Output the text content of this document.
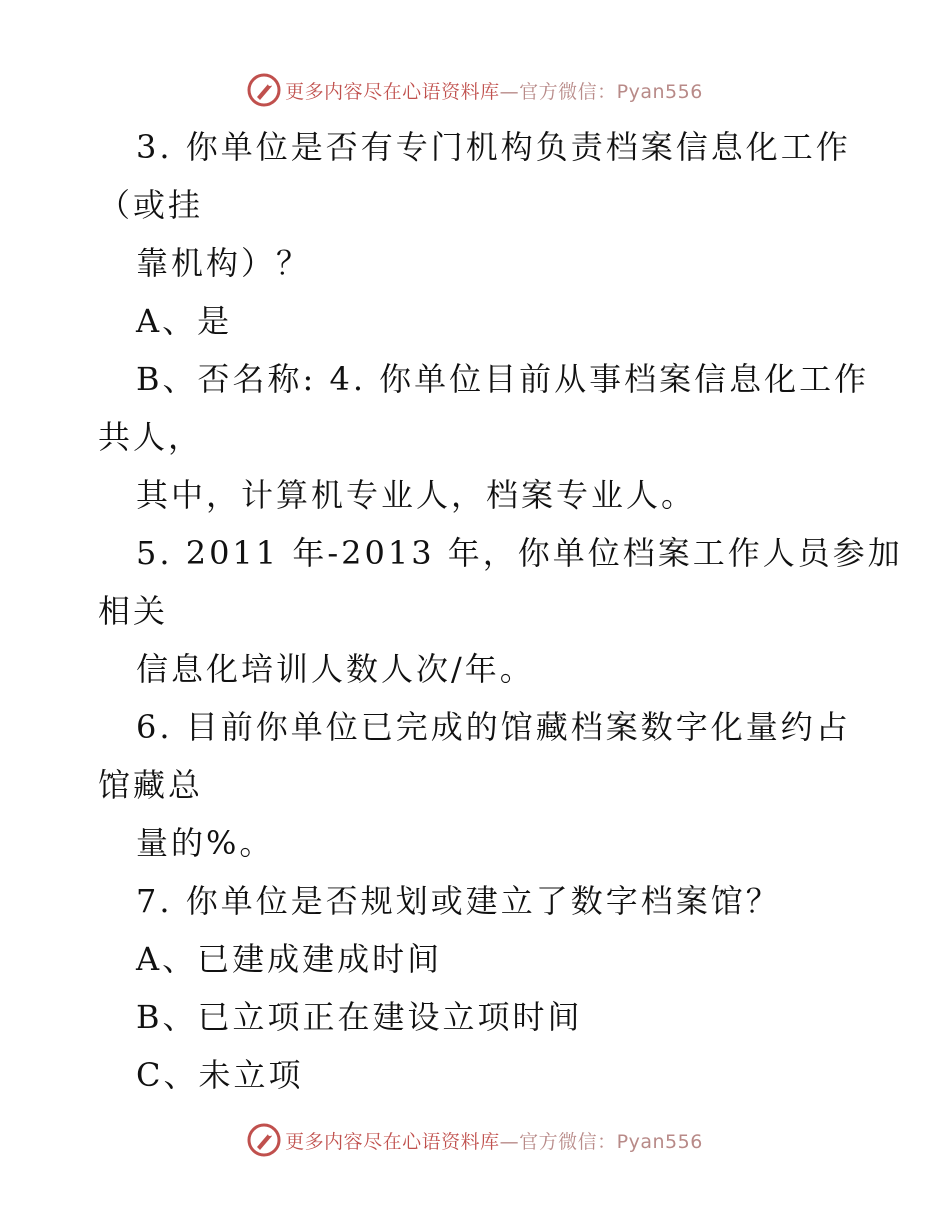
更多内容尽在心语资料库—官方微信：Pyan556
3. 你单位是否有专门机构负责档案信息化工作
（或挂
靠机构）？
A、是
B、否名称: 4. 你单位目前从事档案信息化工作
共人，
其中，计算机专业人，档案专业人。
5. 2011 年-2013 年，你单位档案工作人员参加
相关
信息化培训人数人次/年。
6. 目前你单位已完成的馆藏档案数字化量约占
馆藏总
量的%。
7. 你单位是否规划或建立了数字档案馆？
A、已建成建成时间
B、已立项正在建设立项时间
C、未立项
更多内容尽在心语资料库—官方微信：Pyan556
